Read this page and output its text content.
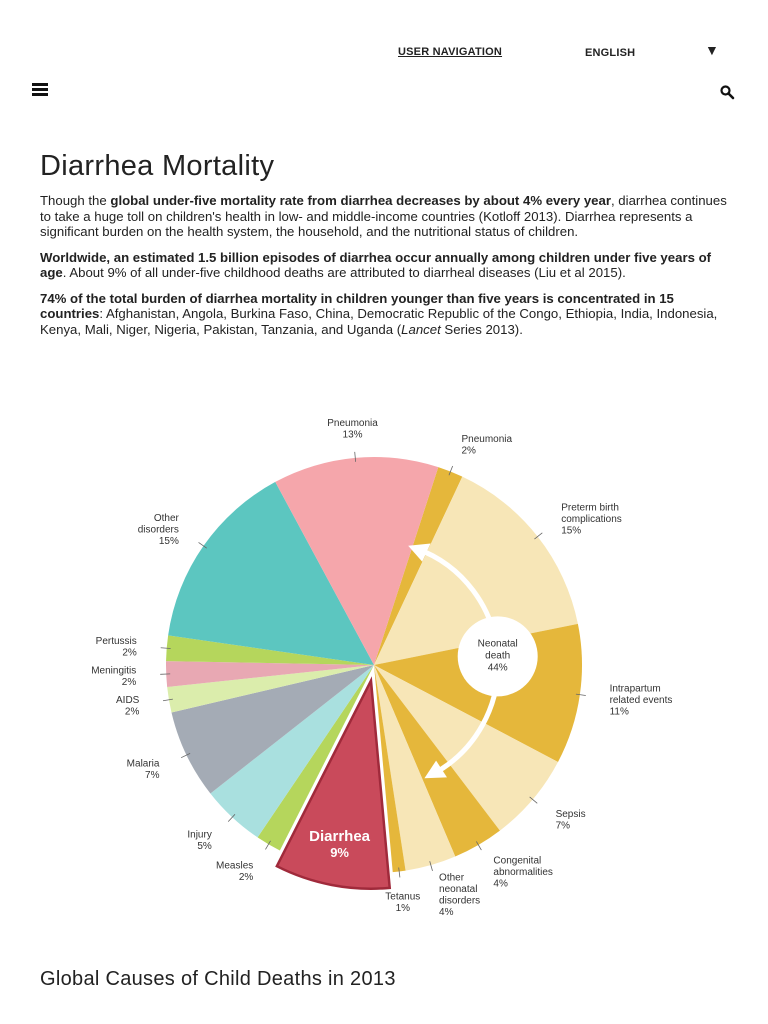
USER NAVIGATION	ENGLISH	▼
Diarrhea Mortality

Though the global under-five mortality rate from diarrhea decreases by about 4% every year, diarrhea continues to take a huge toll on children's health in low- and middle-income countries (Kotloff 2013). Diarrhea represents a significant burden on the health system, the household, and the nutritional status of children.

Worldwide, an estimated 1.5 billion episodes of diarrhea occur annually among children under five years of age. About 9% of all under-five childhood deaths are attributed to diarrheal diseases (Liu et al 2015).

74% of the total burden of diarrhea mortality in children younger than five years is concentrated in 15 countries: Afghanistan, Angola, Burkina Faso, China, Democratic Republic of the Congo, Ethiopia, India, Indonesia, Kenya, Mali, Niger, Nigeria, Pakistan, Tanzania, and Uganda (Lancet Series 2013).

Pneumonia
2%
Preterm birth
complications
15%
Intrapartum
related events
11%
Sepsis
7%
Congenital
abnormalities
4%
Other
neonatal
disorders
4%
Tetanus
1%
Diarrhea
9%
Measles
2%
Injury
5%
Malaria
7%
AIDS
2%
Meningitis
2%
Pertussis
2%
Other
disorders
15%
Pneumonia
13%
Neonatal
death
44%
Global Causes of Child Deaths in 2013
